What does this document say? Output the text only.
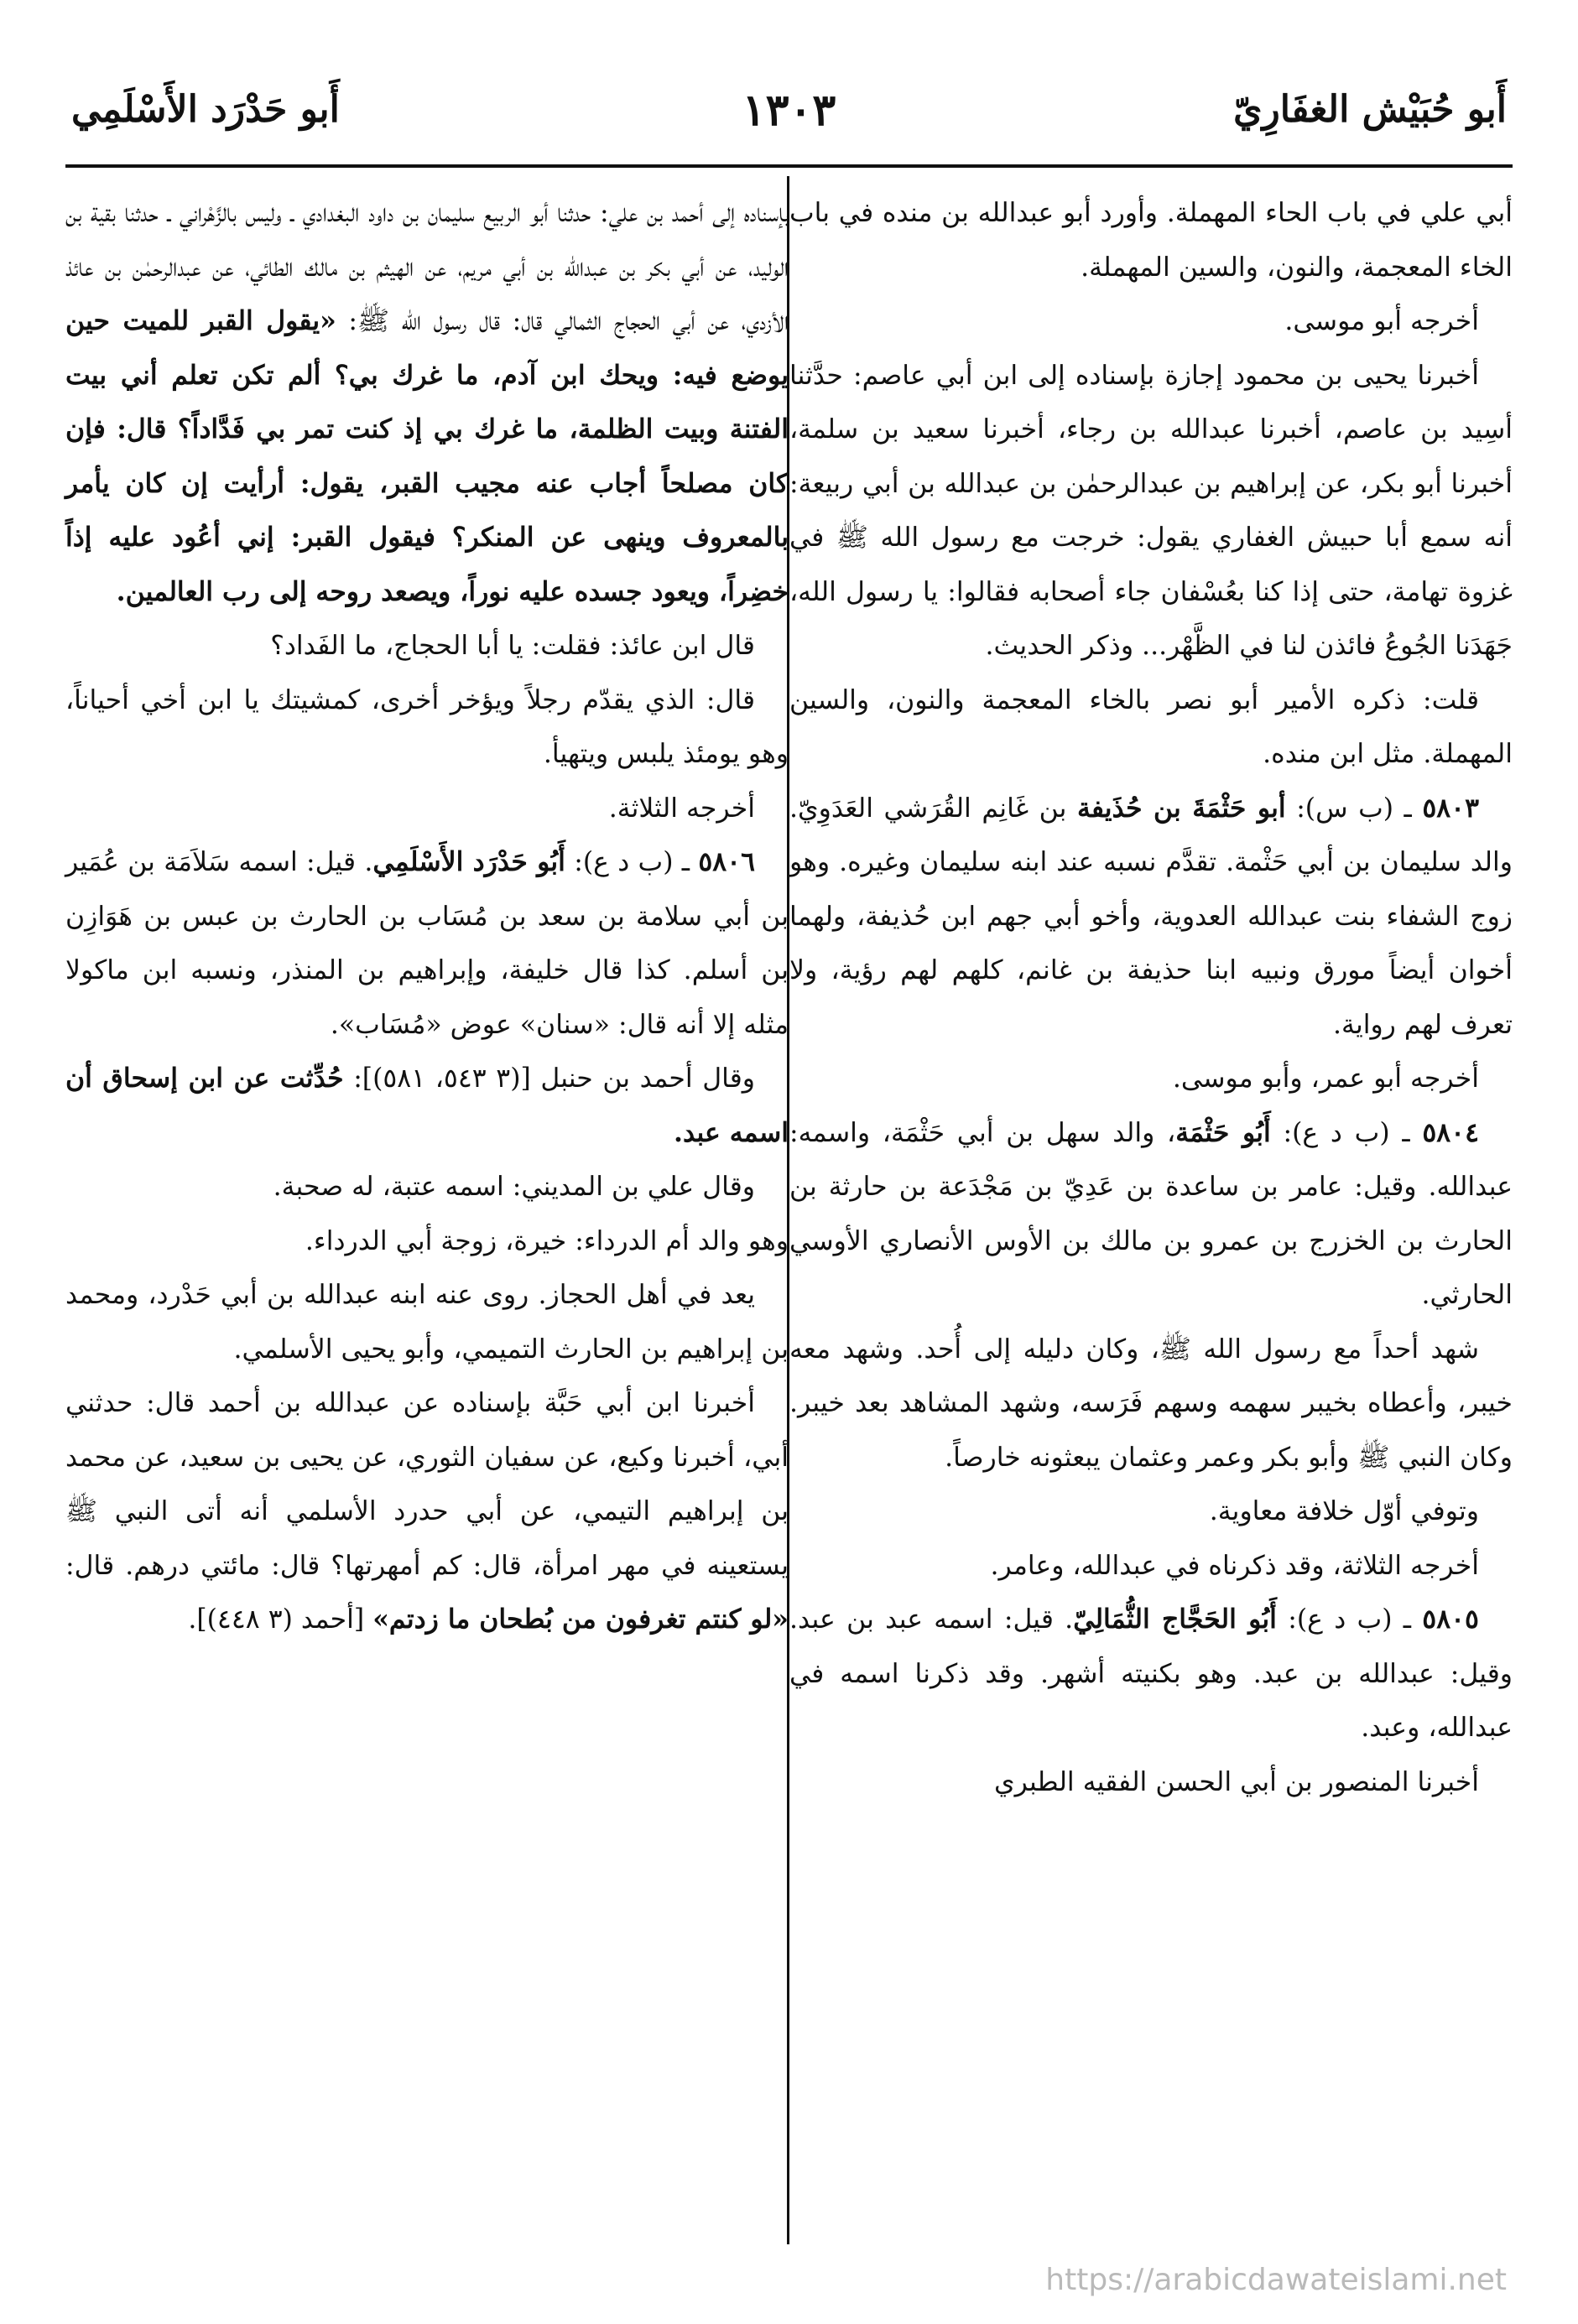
أَبو حُبَيْش الغفَارِيّ
١٣٠٣
أَبو حَدْرَد الأَسْلَمِي

أبي علي في باب الحاء المهملة. وأورد أبو عبدالله بن منده في باب الخاء المعجمة، والنون، والسين المهملة.

أخرجه أبو موسى.

أخبرنا يحيى بن محمود إجازة بإسناده إلى ابن أبي عاصم: حدَّثنا أسِيد بن عاصم، أخبرنا عبدالله بن رجاء، أخبرنا سعيد بن سلمة، أخبرنا أبو بكر، عن إبراهيم بن عبدالرحمٰن بن عبدالله بن أبي ربيعة: أنه سمع أبا حبيش الغفاري يقول: خرجت مع رسول الله ﷺ في غزوة تهامة، حتى إذا كنا بعُسْفان جاء أصحابه فقالوا: يا رسول الله، جَهَدَنا الجُوعُ فائذن لنا في الظَّهْر... وذكر الحديث.

قلت: ذكره الأمير أبو نصر بالخاء المعجمة والنون، والسين المهملة. مثل ابن منده.

٥٨٠٣ ـ (ب س): أبو حَثْمَةَ بن حُذَيفة بن غَانِم القُرَشي العَدَوِيّ. والد سليمان بن أبي حَثْمة. تقدَّم نسبه عند ابنه سليمان وغيره. وهو زوج الشفاء بنت عبدالله العدوية، وأخو أبي جهم ابن حُذيفة، ولهما أخوان أيضاً مورق ونبيه ابنا حذيفة بن غانم، كلهم لهم رؤية، ولا تعرف لهم رواية.

أخرجه أبو عمر، وأبو موسى.

٥٨٠٤ ـ (ب د ع): أَبُو حَثْمَة، والد سهل بن أبي حَثْمَة، واسمه: عبدالله. وقيل: عامر بن ساعدة بن عَدِيّ بن مَجْدَعة بن حارثة بن الحارث بن الخزرج بن عمرو بن مالك بن الأوس الأنصاري الأوسي الحارثي.

شهد أحداً مع رسول الله ﷺ، وكان دليله إلى أُحد. وشهد معه خيبر، وأعطاه بخيبر سهمه وسهم فَرَسه، وشهد المشاهد بعد خيبر. وكان النبي ﷺ وأبو بكر وعمر وعثمان يبعثونه خارصاً.

وتوفي أوّل خلافة معاوية.

أخرجه الثلاثة، وقد ذكرناه في عبدالله، وعامر.

٥٨٠٥ ـ (ب د ع): أَبُو الحَجَّاج الثُّمَالِيّ. قيل: اسمه عبد بن عبد. وقيل: عبدالله بن عبد. وهو بكنيته أشهر. وقد ذكرنا اسمه في عبدالله، وعبد.

أخبرنا المنصور بن أبي الحسن الفقيه الطبري

بإسناده إلى أحمد بن علي: حدثنا أبو الربيع سليمان بن داود البغدادي ـ وليس بالزَّهْراني ـ حدثنا بقية بن الوليد، عن أبي بكر بن عبدالله بن أبي مريم، عن الهيثم بن مالك الطائي، عن عبدالرحمٰن بن عائذ الأزدي، عن أبي الحجاج الثمالي قال: قال رسول الله ﷺ: «يقول القبر للميت حين يوضع فيه: ويحك ابن آدم، ما غرك بي؟ ألم تكن تعلم أني بيت الفتنة وبيت الظلمة، ما غرك بي إذ كنت تمر بي فَدَّاداً؟ قال: فإن كان مصلحاً أجاب عنه مجيب القبر، يقول: أرأيت إن كان يأمر بالمعروف وينهى عن المنكر؟ فيقول القبر: إني أعُود عليه إذاً خضِراً، ويعود جسده عليه نوراً، ويصعد روحه إلى رب العالمين.

قال ابن عائذ: فقلت: يا أبا الحجاج، ما الفَداد؟

قال: الذي يقدّم رجلاً ويؤخر أخرى، كمشيتك يا ابن أخي أحياناً، وهو يومئذ يلبس ويتهيأ.

أخرجه الثلاثة.

٥٨٠٦ ـ (ب د ع): أَبُو حَدْرَد الأَسْلَمِي. قيل: اسمه سَلاَمَة بن عُمَير بن أبي سلامة بن سعد بن مُسَاب بن الحارث بن عبس بن هَوَازِن بن أسلم. كذا قال خليفة، وإبراهيم بن المنذر، ونسبه ابن ماكولا مثله إلا أنه قال: «سنان» عوض «مُسَاب».

وقال أحمد بن حنبل [(٣ ٥٤٣، ٥٨١)]: حُدِّثت عن ابن إسحاق أن اسمه عبد.

وقال علي بن المديني: اسمه عتبة، له صحبة.

وهو والد أم الدرداء: خيرة، زوجة أبي الدرداء.

يعد في أهل الحجاز. روى عنه ابنه عبدالله بن أبي حَدْرد، ومحمد بن إبراهيم بن الحارث التميمي، وأبو يحيى الأسلمي.

أخبرنا ابن أبي حَبَّة بإسناده عن عبدالله بن أحمد قال: حدثني أبي، أخبرنا وكيع، عن سفيان الثوري، عن يحيى بن سعيد، عن محمد بن إبراهيم التيمي، عن أبي حدرد الأسلمي أنه أتى النبي ﷺ يستعينه في مهر امرأة، قال: كم أمهرتها؟ قال: مائتي درهم. قال: «لو كنتم تغرفون من بُطحان ما زدتم» [أحمد (٣ ٤٤٨)].

https://arabicdawateislami.net
